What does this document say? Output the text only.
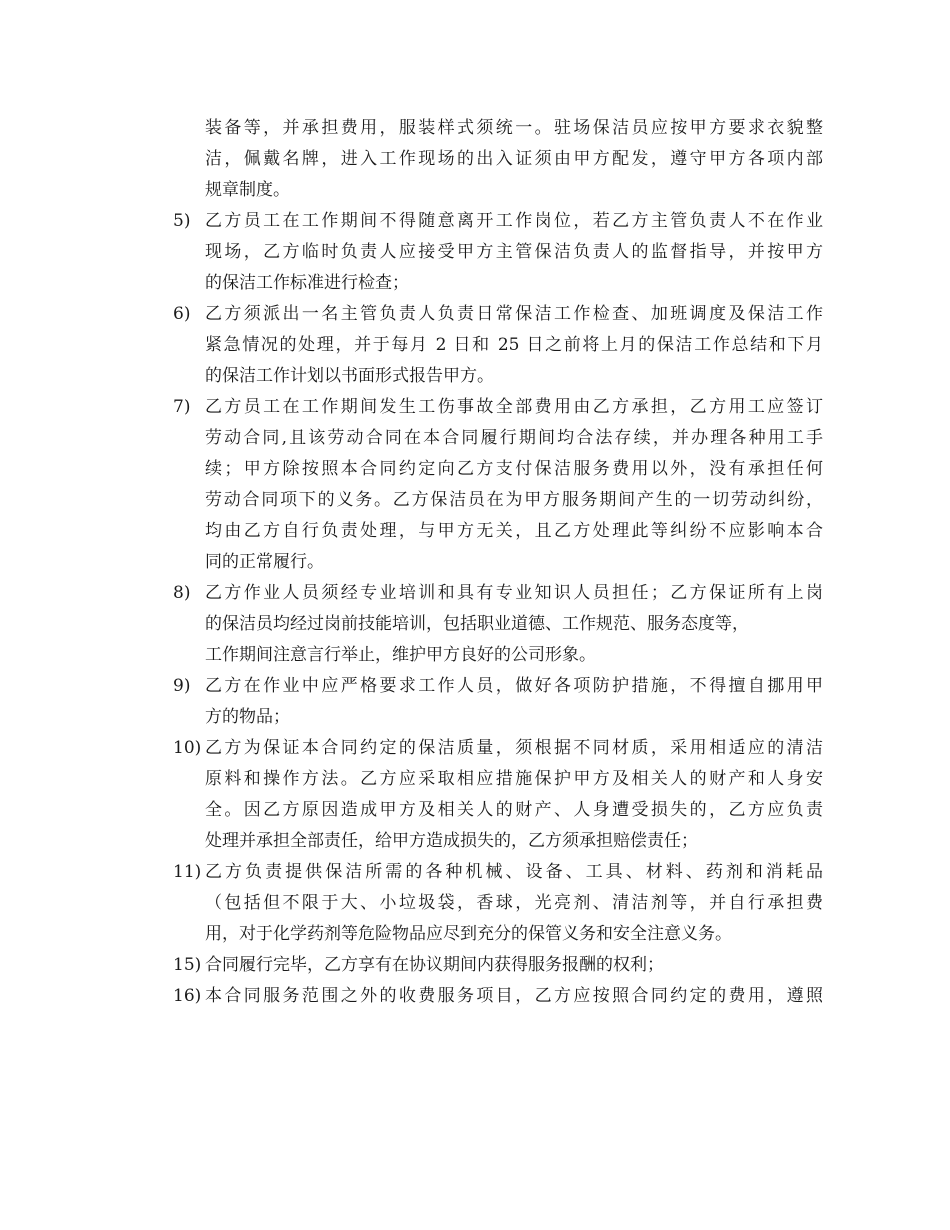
装备等，并承担费用，服装样式须统一。驻场保洁员应按甲方要求衣貌整
洁，佩戴名牌，进入工作现场的出入证须由甲方配发，遵守甲方各项内部
规章制度。
5) 乙方员工在工作期间不得随意离开工作岗位，若乙方主管负责人不在作业
现场，乙方临时负责人应接受甲方主管保洁负责人的监督指导，并按甲方
的保洁工作标准进行检查；
6) 乙方须派出一名主管负责人负责日常保洁工作检查、加班调度及保洁工作
紧急情况的处理，并于每月 2 日和 25 日之前将上月的保洁工作总结和下月
的保洁工作计划以书面形式报告甲方。
7) 乙方员工在工作期间发生工伤事故全部费用由乙方承担，乙方用工应签订
劳动合同,且该劳动合同在本合同履行期间均合法存续，并办理各种用工手
续；甲方除按照本合同约定向乙方支付保洁服务费用以外，没有承担任何
劳动合同项下的义务。乙方保洁员在为甲方服务期间产生的一切劳动纠纷，
均由乙方自行负责处理，与甲方无关，且乙方处理此等纠纷不应影响本合
同的正常履行。
8) 乙方作业人员须经专业培训和具有专业知识人员担任；乙方保证所有上岗
的保洁员均经过岗前技能培训，包括职业道德、工作规范、服务态度等，
工作期间注意言行举止，维护甲方良好的公司形象。
9) 乙方在作业中应严格要求工作人员，做好各项防护措施，不得擅自挪用甲
方的物品；
10) 乙方为保证本合同约定的保洁质量，须根据不同材质，采用相适应的清洁
原料和操作方法。乙方应采取相应措施保护甲方及相关人的财产和人身安
全。因乙方原因造成甲方及相关人的财产、人身遭受损失的，乙方应负责
处理并承担全部责任，给甲方造成损失的，乙方须承担赔偿责任；
11) 乙方负责提供保洁所需的各种机械、设备、工具、材料、药剂和消耗品
（包括但不限于大、小垃圾袋，香球，光亮剂、清洁剂等，并自行承担费
用，对于化学药剂等危险物品应尽到充分的保管义务和安全注意义务。
15) 合同履行完毕，乙方享有在协议期间内获得服务报酬的权利；
16) 本合同服务范围之外的收费服务项目，乙方应按照合同约定的费用，遵照
